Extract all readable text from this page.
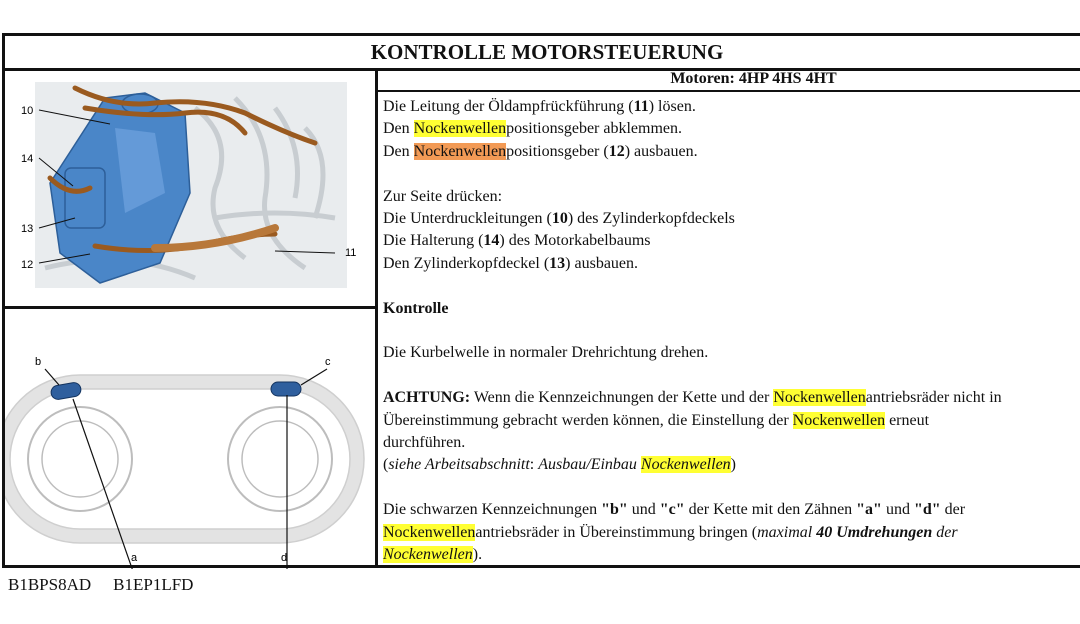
KONTROLLE MOTORSTEUERUNG
10
14
13
12
11
b	c
a	d
Motoren: 4HP 4HS 4HT
Die Leitung der Öldampfrückführung (11) lösen.
Den Nockenwellenpositionsgeber abklemmen.
Den Nockenwellenpositionsgeber (12) ausbauen.
Zur Seite drücken:
Die Unterdruckleitungen (10) des Zylinderkopfdeckels
Die Halterung (14) des Motorkabelbaums
Den Zylinderkopfdeckel (13) ausbauen.
Kontrolle
Die Kurbelwelle in normaler Drehrichtung drehen.
ACHTUNG: Wenn die Kennzeichnungen der Kette und der Nockenwellenantriebsräder nicht in
Übereinstimmung gebracht werden können, die Einstellung der Nockenwellen erneut
durchführen.
(siehe Arbeitsabschnitt: Ausbau/Einbau Nockenwellen)
Die schwarzen Kennzeichnungen "b" und "c" der Kette mit den Zähnen "a" und "d" der
Nockenwellenantriebsräder in Übereinstimmung bringen (maximal 40 Umdrehungen der
Nockenwellen).
B1BPS8AD B1EP1LFD
